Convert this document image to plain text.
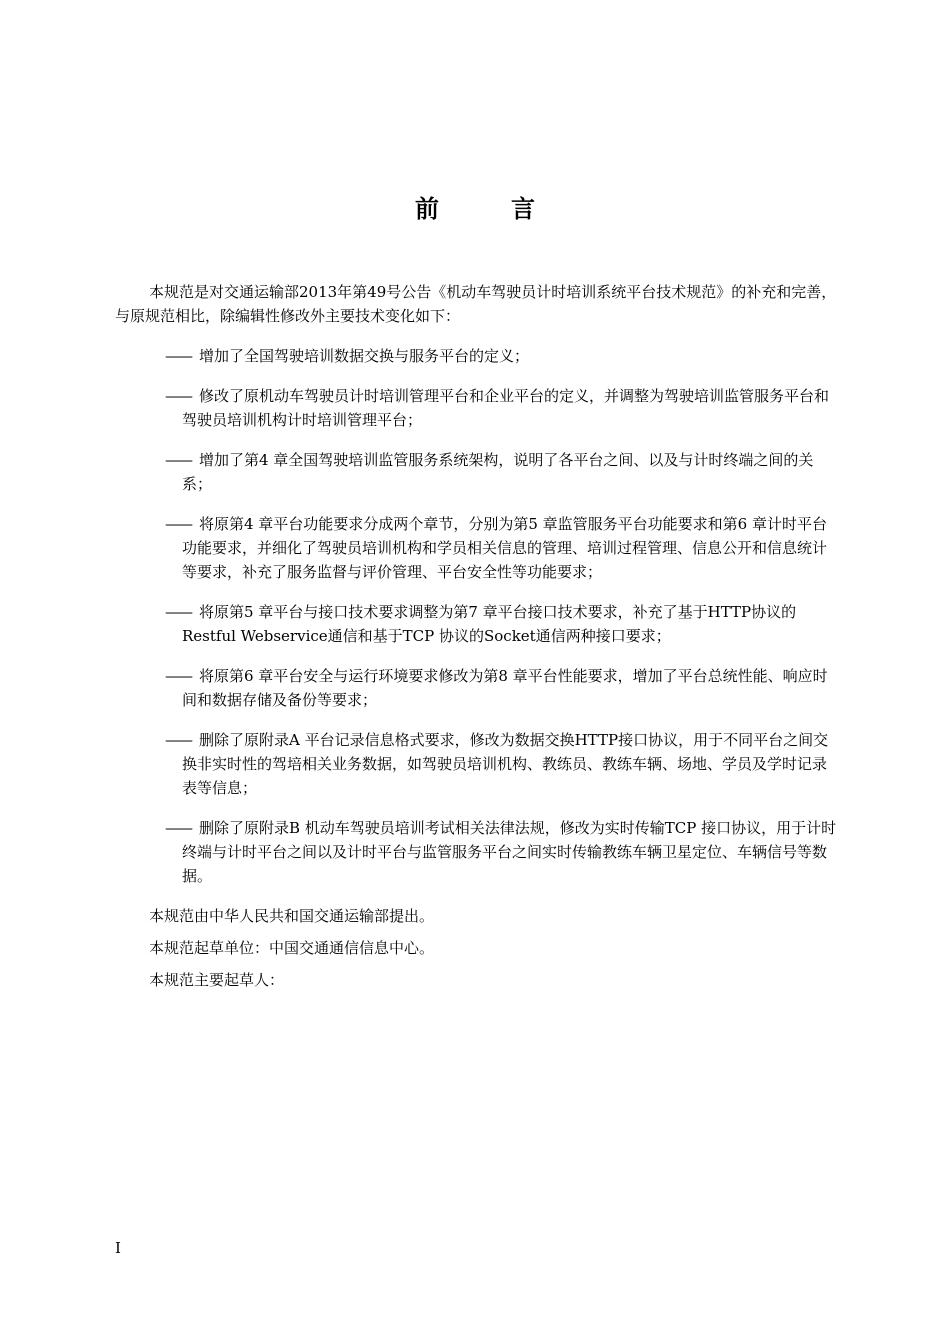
前	言

本规范是对交通运输部2013年第49号公告《机动车驾驶员计时培训系统平台技术规范》的补充和完善，与原规范相比，除编辑性修改外主要技术变化如下：

—— 增加了全国驾驶培训数据交换与服务平台的定义；
—— 修改了原机动车驾驶员计时培训管理平台和企业平台的定义，并调整为驾驶培训监管服务平台和驾驶员培训机构计时培训管理平台；
—— 增加了第4 章全国驾驶培训监管服务系统架构，说明了各平台之间、以及与计时终端之间的关系；
—— 将原第4 章平台功能要求分成两个章节，分别为第5 章监管服务平台功能要求和第6 章计时平台功能要求，并细化了驾驶员培训机构和学员相关信息的管理、培训过程管理、信息公开和信息统计等要求，补充了服务监督与评价管理、平台安全性等功能要求；
—— 将原第5 章平台与接口技术要求调整为第7 章平台接口技术要求，补充了基于HTTP协议的Restful Webservice通信和基于TCP 协议的Socket通信两种接口要求；
—— 将原第6 章平台安全与运行环境要求修改为第8 章平台性能要求，增加了平台总统性能、响应时间和数据存储及备份等要求；
—— 删除了原附录A 平台记录信息格式要求，修改为数据交换HTTP接口协议，用于不同平台之间交换非实时性的驾培相关业务数据，如驾驶员培训机构、教练员、教练车辆、场地、学员及学时记录表等信息；
—— 删除了原附录B 机动车驾驶员培训考试相关法律法规，修改为实时传输TCP 接口协议，用于计时终端与计时平台之间以及计时平台与监管服务平台之间实时传输教练车辆卫星定位、车辆信号等数据。

本规范由中华人民共和国交通运输部提出。

本规范起草单位：中国交通通信信息中心。

本规范主要起草人：

I
